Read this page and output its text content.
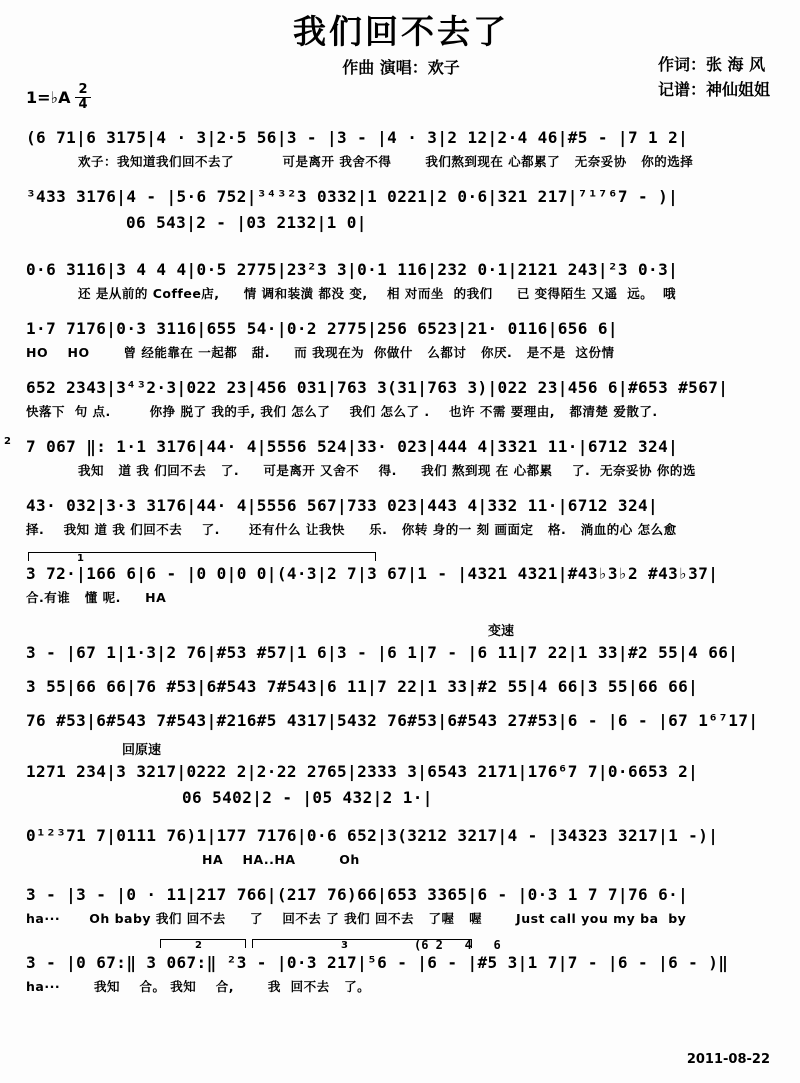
我们回不去了
作曲 演唱：欢子	作词：张 海 风
记谱：神仙姐姐
1=♭A $\frac{2}{4}$
(6 71|6 3175|4 · 3|2·5 56|3 - |3 - |4 · 3|2 12|2·4 46|#5 - |7 1 2|
欢子：我知道我们回不去了          可是离开 我舍不得       我们熬到现在 心都累了   无奈妥协   你的选择
³433 3176|4 - |5·6 752|³⁴³²3 0332|1 0221|2 0·6|321 217|⁷¹⁷⁶7 - )|
06 543|2 - |03 2132|1 0|
0·6 3116|3 4 4 4|0·5 2775|23²3 3|0·1 116|232 0·1|2121 243|²3 0·3|
还 是从前的 Coffee店,     情 调和装潢 都没 变,    相 对而坐  的我们     已 变得陌生 又遥  远。  哦
1·7 7176|0·3 3116|655 54·|0·2 2775|256 6523|21· 0116|656 6|
HO    HO       曾 经能靠在 一起都   甜.     而 我现在为  你做什   么都讨   你厌.   是不是  这份情
652 2343|3⁴³2·3|022 23|456 031|763 3(31|763 3)|022 23|456 6|#653 #567|
快落下  句 点.        你挣 脱了 我的手, 我们 怎么了    我们 怎么了 .    也许 不需 要理由,   都清楚 爱散了.
2 7 067 ‖: 1·1 3176|44· 4|5556 524|33· 023|444 4|3321 11·|6712 324|
我知   道 我 们回不去   了.     可是离开 又舍不    得.     我们 熬到现 在 心都累    了.  无奈妥协 你的选
43· 032|3·3 3176|44· 4|5556 567|733 023|443 4|332 11·|6712 324|
择.    我知 道 我 们回不去    了.      还有什么 让我快     乐.   你转 身的一 刻 画面定   格.   淌血的心 怎么愈
1
3 72·|166 6|6 - |0 0|0 0|(4·3|2 7|3 67|1 - |4321 4321|#43♭3♭2 #43♭37|
合.有谁   懂 呢.     HA
变速
3 - |67 1|1·3|2 76|#53 #57|1 6|3 - |6 1|7 - |6 11|7 22|1 33|#2 55|4 66|
3 55|66 66|76 #53|6#543 7#543|6 11|7 22|1 33|#2 55|4 66|3 55|66 66|
76 #53|6#543 7#543|#216#5 4317|5432 76#53|6#543 27#53|6 - |6 - |67 1⁶⁷17|
回原速
1271 234|3 3217|0222 2|2·22 2765|2333 3|6543 2171|176⁶7 7|0·6653 2|
06 5402|2 - |05 432|2 1·|
0¹²³71 7|0111 76)1|177 7176|0·6 652|3(3212 3217|4 - |34323 3217|1 -)|
HA    HA..HA         Oh
3 - |3 - |0 · 11|217 766|(217 76)66|653 3365|6 - |0·3 1 7 7|76 6·|
ha···      Oh baby 我们 回不去     了    回不去 了 我们 回不去   了喔   喔       Just call you my ba  by
2	3	(6 2   4   6
3 - |0 67:‖ 3 067:‖ ²3 - |0·3 217|⁵6 - |6 - |#5 3|1 7|7 - |6 - |6 - )‖
ha···       我知    合。 我知    合,       我  回不去   了。
2011-08-22
